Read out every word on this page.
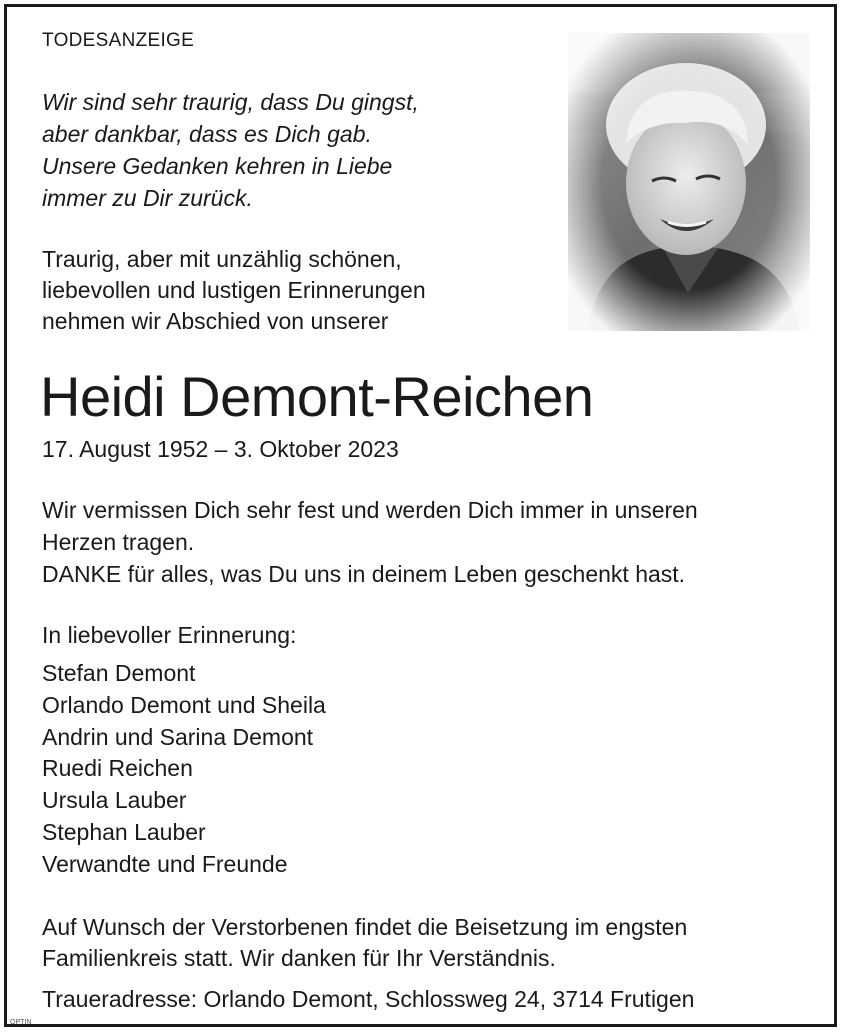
TODESANZEIGE
Wir sind sehr traurig, dass Du gingst,
aber dankbar, dass es Dich gab.
Unsere Gedanken kehren in Liebe
immer zu Dir zurück.
Traurig, aber mit unzählig schönen,
liebevollen und lustigen Erinnerungen
nehmen wir Abschied von unserer
Heidi Demont-Reichen
17. August 1952 – 3. Oktober 2023
Wir vermissen Dich sehr fest und werden Dich immer in unseren
Herzen tragen.
DANKE für alles, was Du uns in deinem Leben geschenkt hast.
In liebevoller Erinnerung:
Stefan Demont
Orlando Demont und Sheila
Andrin und Sarina Demont
Ruedi Reichen
Ursula Lauber
Stephan Lauber
Verwandte und Freunde
Auf Wunsch der Verstorbenen findet die Beisetzung im engsten
Familienkreis statt. Wir danken für Ihr Verständnis.
Traueradresse: Orlando Demont, Schlossweg 24, 3714 Frutigen
OPTIN
